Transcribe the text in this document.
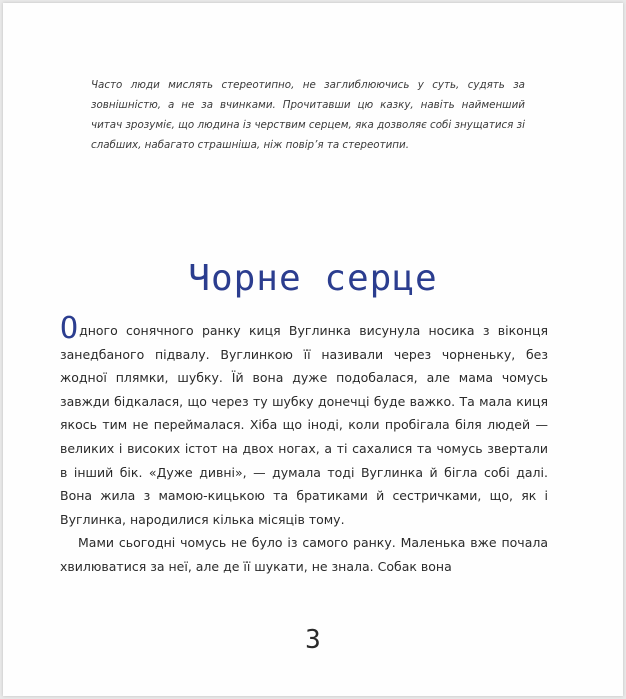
Часто люди мислять стереотипно, не заглиблюючись у суть, судять за зовнішністю, а не за вчинками. Прочитавши цю казку, навіть найменший читач зрозуміє, що людина із черствим серцем, яка дозволяє собі знущатися зі слабших, набагато страшніша, ніж повір’я та стереотипи.

Чорне серце

Одного сонячного ранку киця Вуглинка висунула носика з віконця занедбаного підвалу. Вуглинкою її називали через чорненьку, без жодної плямки, шубку. Їй вона дуже подобалася, але мама чомусь завжди бідкалася, що через ту шубку донечці буде важко. Та мала киця якось тим не переймалася. Хіба що іноді, коли пробігала біля людей — великих і високих істот на двох ногах, а ті сахалися та чомусь звертали в інший бік. «Дуже дивні», — думала тоді Вуглинка й бігла собі далі. Вона жила з мамою-кицькою та братиками й сестричками, що, як і Вуглинка, народилися кілька місяців тому.

Мами сьогодні чомусь не було із самого ранку. Маленька вже почала хвилюватися за неї, але де її шукати, не знала. Собак вона

3
